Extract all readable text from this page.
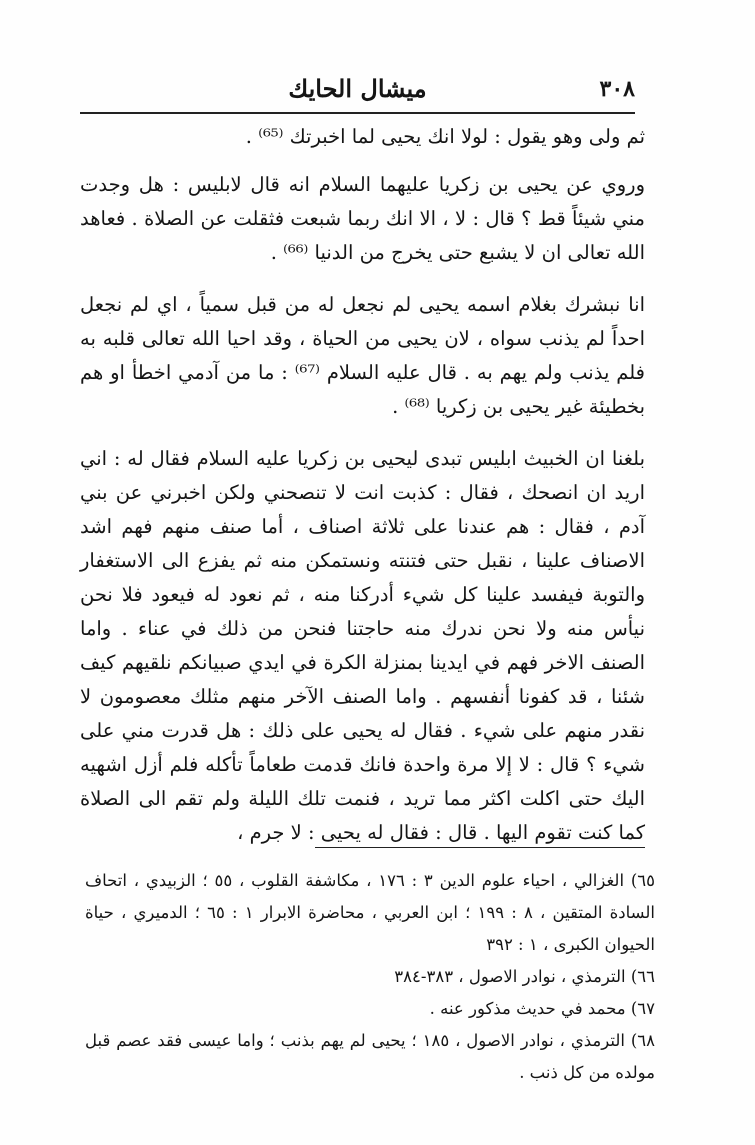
٣٠٨
ميشال الحايك

ثم ولى وهو يقول : لولا انك يحيى لما اخبرتك ⁽⁶⁵⁾ .

وروي عن يحيى بن زكريا عليهما السلام انه قال لابليس : هل وجدت مني شيئاً قط ؟ قال : لا ، الا انك ربما شبعت فثقلت عن الصلاة . فعاهد الله تعالى ان لا يشبع حتى يخرج من الدنيا ⁽⁶⁶⁾ .

انا نبشرك بغلام اسمه يحيى لم نجعل له من قبل سمياً ، اي لم نجعل احداً لم يذنب سواه ، لان يحيى من الحياة ، وقد احيا الله تعالى قلبه به فلم يذنب ولم يهم به . قال عليه السلام ⁽⁶⁷⁾ : ما من آدمي اخطأ او هم بخطيئة غير يحيى بن زكريا ⁽⁶⁸⁾ .

بلغنا ان الخبيث ابليس تبدى ليحيى بن زكريا عليه السلام فقال له : اني اريد ان انصحك ، فقال : كذبت انت لا تنصحني ولكن اخبرني عن بني آدم ، فقال : هم عندنا على ثلاثة اصناف ، أما صنف منهم فهم اشد الاصناف علينا ، نقبل حتى فتنته ونستمكن منه ثم يفزع الى الاستغفار والتوبة فيفسد علينا كل شيء أدركنا منه ، ثم نعود له فيعود فلا نحن نيأس منه ولا نحن ندرك منه حاجتنا فنحن من ذلك في عناء . واما الصنف الاخر فهم في ايدينا بمنزلة الكرة في ايدي صبيانكم نلقيهم كيف شئنا ، قد كفونا أنفسهم . واما الصنف الآخر منهم مثلك معصومون لا نقدر منهم على شيء . فقال له يحيى على ذلك : هل قدرت مني على شيء ؟ قال : لا إلا مرة واحدة فانك قدمت طعاماً تأكله فلم أزل اشهيه اليك حتى اكلت اكثر مما تريد ، فنمت تلك الليلة ولم تقم الى الصلاة كما كنت تقوم اليها . قال : فقال له يحيى : لا جرم ،

٦٥) الغزالي ، احياء علوم الدين ٣ : ١٧٦ ، مكاشفة القلوب ، ٥٥ ؛ الزبيدي ، اتحاف السادة المتقين ، ٨ : ١٩٩ ؛ ابن العربي ، محاضرة الابرار ١ : ٦٥ ؛ الدميري ، حياة الحيوان الكبرى ، ١ : ٣٩٢

٦٦) الترمذي ، نوادر الاصول ، ٣٨٣-٣٨٤

٦٧) محمد في حديث مذكور عنه .

٦٨) الترمذي ، نوادر الاصول ، ١٨٥ ؛ يحيى لم يهم بذنب ؛ واما عيسى فقد عصم قبل مولده من كل ذنب .
